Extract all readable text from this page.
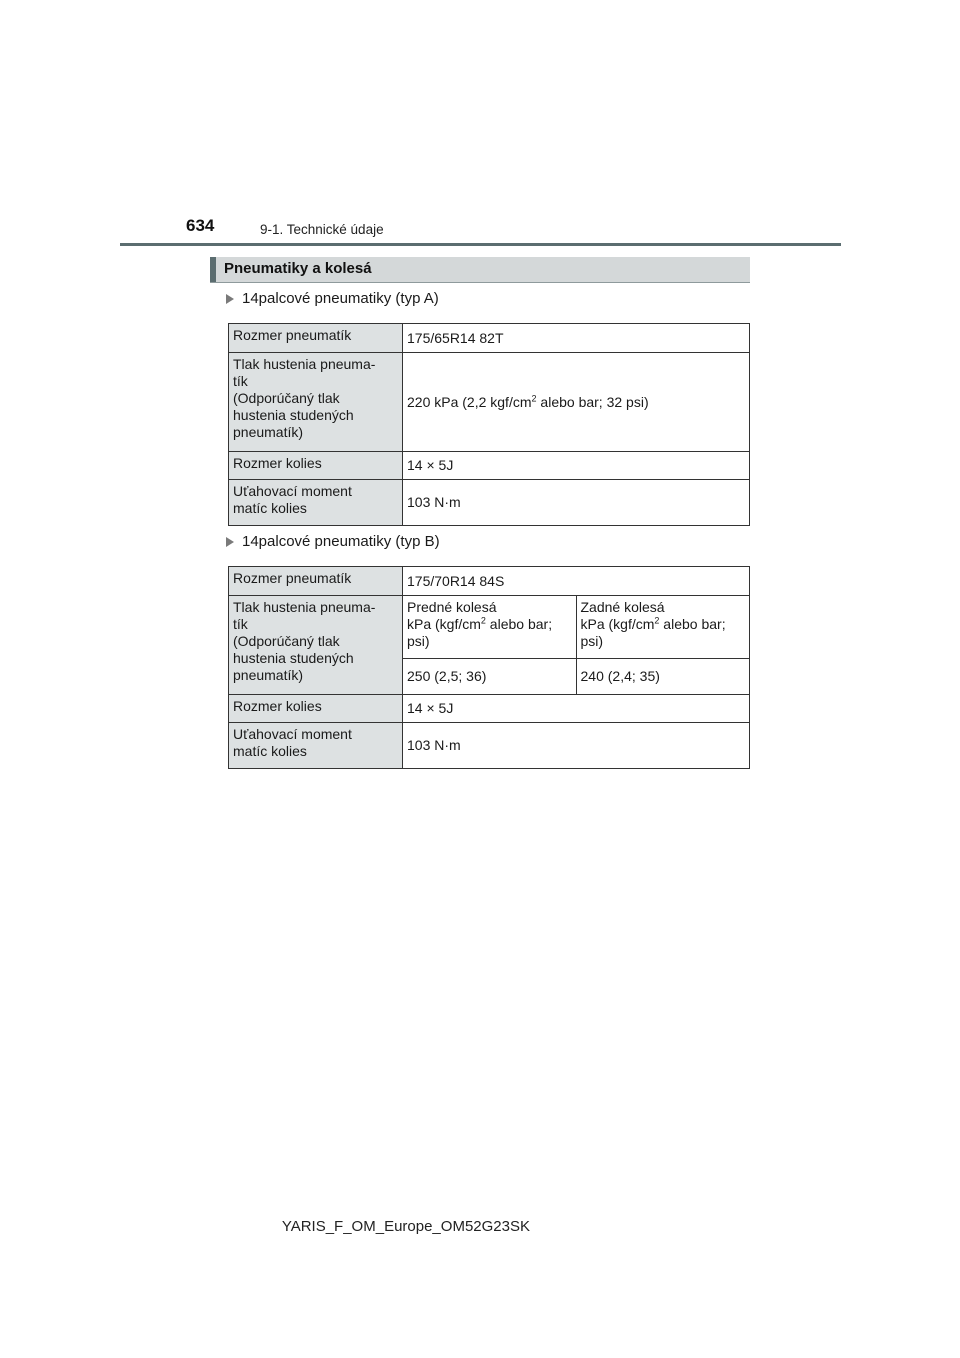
634	9-1. Technické údaje
Pneumatiky a kolesá
14palcové pneumatiky (typ A)
Rozmer pneumatík	175/65R14 82T
Tlak hustenia pneuma-
tík
(Odporúčaný tlak
hustenia studených
pneumatík)	220 kPa (2,2 kgf/$cm^2$ alebo bar; 32 psi)
Rozmer kolies	14 × 5J
Uťahovací moment
matíc kolies	103 N·m
14palcové pneumatiky (typ B)
Rozmer pneumatík	175/70R14 84S	
Tlak hustenia pneuma-
tík
(Odporúčaný tlak
hustenia studených
pneumatík)	Predné kolesá
kPa ($kgf/cm^2$ alebo bar;
psi)	Zadné kolesá
kPa ($kgf/cm^2$ alebo bar;
psi)
	250 (2,5; 36)	240 (2,4; 35)
Rozmer kolies	14 × 5J	
Uťahovací moment
matíc kolies	103 N·m	
YARIS_F_OM_Europe_OM52G23SK
